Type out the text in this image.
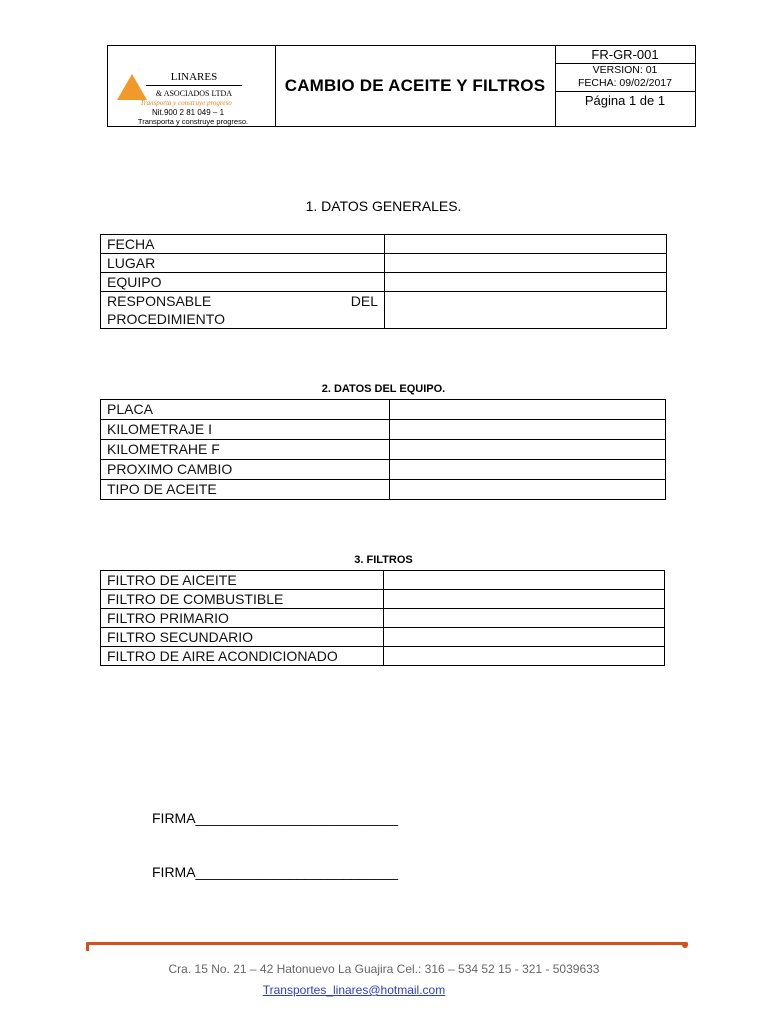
LINARES
& ASOCIADOS LTDA
Transporta y construye progreso
Nit.900 2 81 049 – 1
Transporta y construye progreso.
CAMBIO DE ACEITE Y FILTROS
FR-GR-001
VERSION: 01
FECHA: 09/02/2017
Página 1 de 1
1. DATOS GENERALES.
FECHA	
LUGAR	
EQUIPO	

RESPONSABLE DEL
PROCEDIMIENTO	

2. DATOS DEL EQUIPO.
PLACA	
KILOMETRAJE I	
KILOMETRAHE F	
PROXIMO CAMBIO	
TIPO DE ACEITE	
3. FILTROS
FILTRO DE AICEITE	
FILTRO DE COMBUSTIBLE	
FILTRO PRIMARIO	
FILTRO SECUNDARIO	
FILTRO DE AIRE ACONDICIONADO	
FIRMA__________________________
FIRMA__________________________
Cra. 15 No. 21 – 42 Hatonuevo La Guajira Cel.: 316 – 534 52 15 - 321 - 5039633
Transportes_linares@hotmail.com
